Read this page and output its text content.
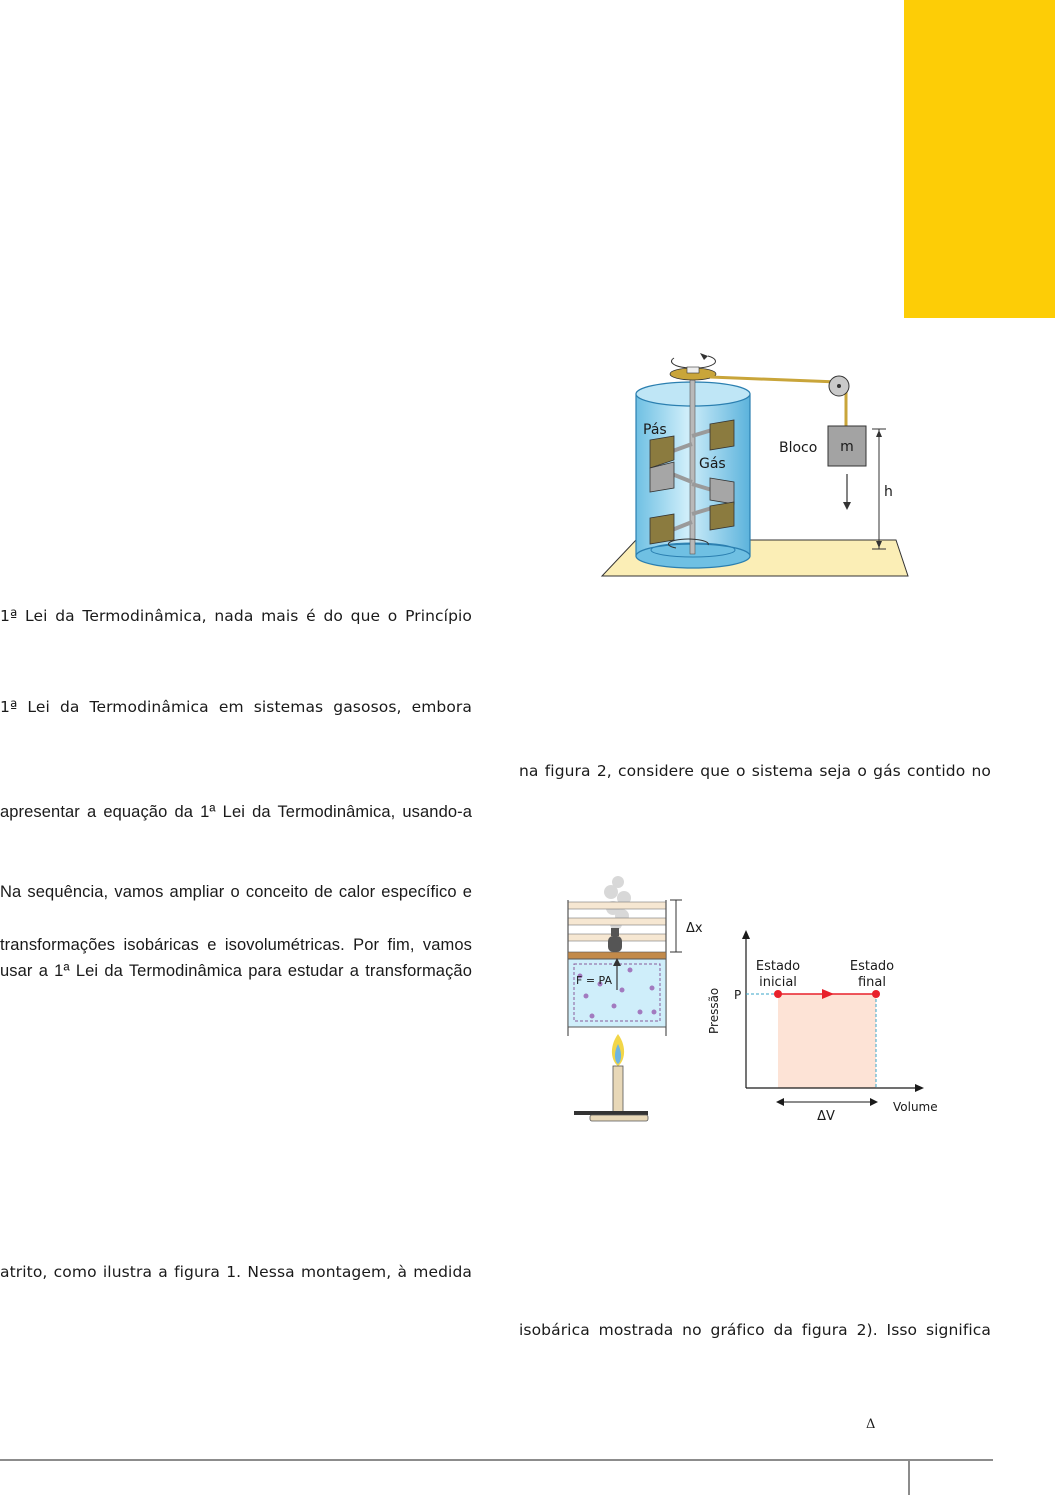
1ª Lei da Termodinâmica, nada mais é do que o Princípio
1ª Lei da Termodinâmica em sistemas gasosos, embora
apresentar a equação da 1ª Lei da Termodinâmica, usando-a
Na sequência, vamos ampliar o conceito de calor específico e
transformações isobáricas e isovolumétricas. Por fim, vamos
usar a 1ª Lei da Termodinâmica para estudar a transformação
atrito, como ilustra a figura 1. Nessa montagem, à medida
na figura 2, considere que o sistema seja o gás contido no
isobárica mostrada no gráfico da figura 2). Isso significa
m
h
Pás
Gás
Bloco
F = PA
Δx
P
Pressão
Volume
Estado
inicial
Estado
final
ΔV
Δ
